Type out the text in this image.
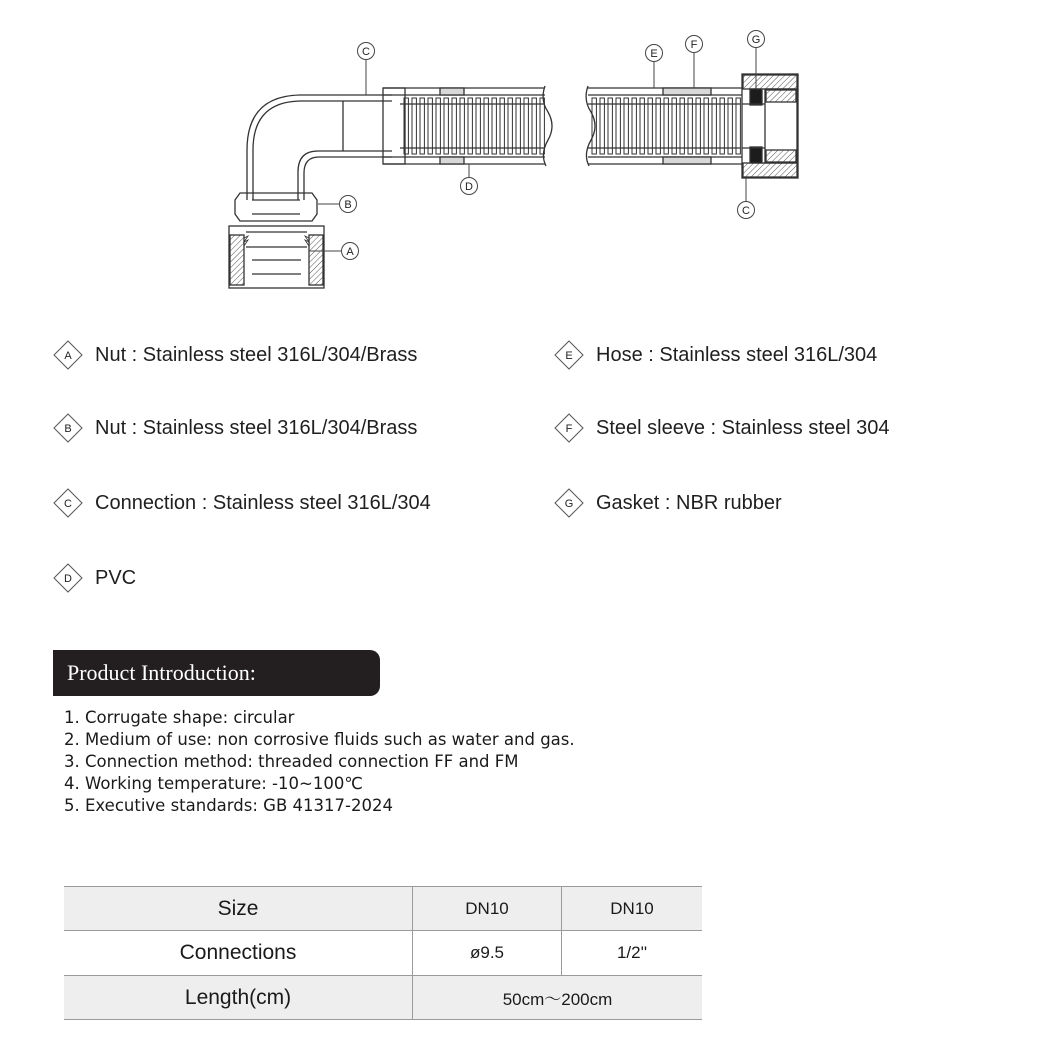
C
B
A
D
E
F	G
C
A Nut : Stainless steel 316L/304/Brass	E Hose : Stainless steel 316L/304
B Nut : Stainless steel 316L/304/Brass	F Steel sleeve : Stainless steel 304
C Connection : Stainless steel 316L/304	G Gasket : NBR rubber
D PVC
Product Introduction:
1. Corrugate shape: circular
2. Medium of use: non corrosive fluids such as water and gas.
3. Connection method: threaded connection FF and FM
4. Working temperature: -10~100℃
5. Executive standards: GB 41317-2024
Size	DN10	DN10
Connections	ø9.5	1/2''
Length(cm)	50cm～200cm	
